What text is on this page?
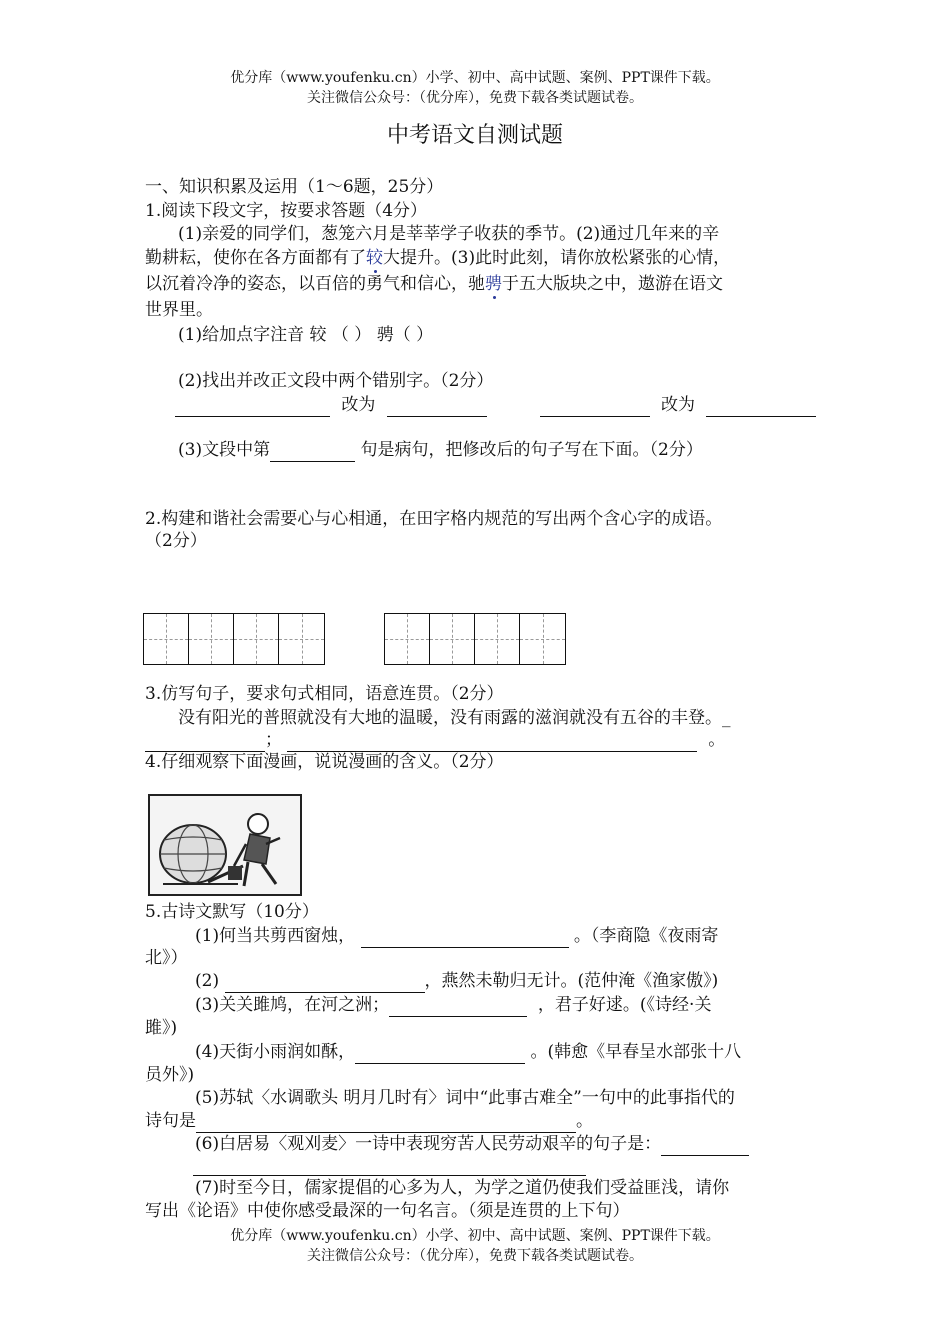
优分库（www.youfenku.cn）小学、初中、高中试题、案例、PPT课件下载。
关注微信公众号：（优分库），免费下载各类试题试卷。
中考语文自测试题
一、知识积累及运用（1～6题，25分）
1.阅读下段文字，按要求答题（4分）
(1)亲爱的同学们，葱笼六月是莘莘学子收获的季节。(2)通过几年来的辛
勤耕耘，使你在各方面都有了较大提升。(3)此时此刻，请你放松紧张的心情，
以沉着冷净的姿态，以百倍的勇气和信心，驰骋于五大版块之中，遨游在语文
世界里。
(1)给加点字注音 较 （ ） 骋（ ）
(2)找出并改正文段中两个错别字。（2分）
改为	改为
(3)文段中第	句是病句，把修改后的句子写在下面。（2分）
2.构建和谐社会需要心与心相通，在田字格内规范的写出两个含心字的成语。
（2分）
3.仿写句子，要求句式相同，语意连贯。（2分）
没有阳光的普照就没有大地的温暖，没有雨露的滋润就没有五谷的丰登。_
；	。
4.仔细观察下面漫画，说说漫画的含义。（2分）
5.古诗文默写（10分）
(1)何当共剪西窗烛，	。（李商隐《夜雨寄
北》）
(2)	，燕然未勒归无计。(范仲淹《渔家傲》)
(3)关关雎鸠，在河之洲；	，君子好逑。(《诗经·关
雎》)
(4)天街小雨润如酥，	。(韩愈《早春呈水部张十八
员外》)
(5)苏轼〈水调歌头 明月几时有〉词中“此事古难全”一句中的此事指代的
诗句是	。
(6)白居易〈观刈麦〉一诗中表现穷苦人民劳动艰辛的句子是：
(7)时至今日，儒家提倡的心多为人，为学之道仍使我们受益匪浅，请你
写出《论语》中使你感受最深的一句名言。（须是连贯的上下句）
优分库（www.youfenku.cn）小学、初中、高中试题、案例、PPT课件下载。
关注微信公众号：（优分库），免费下载各类试题试卷。
